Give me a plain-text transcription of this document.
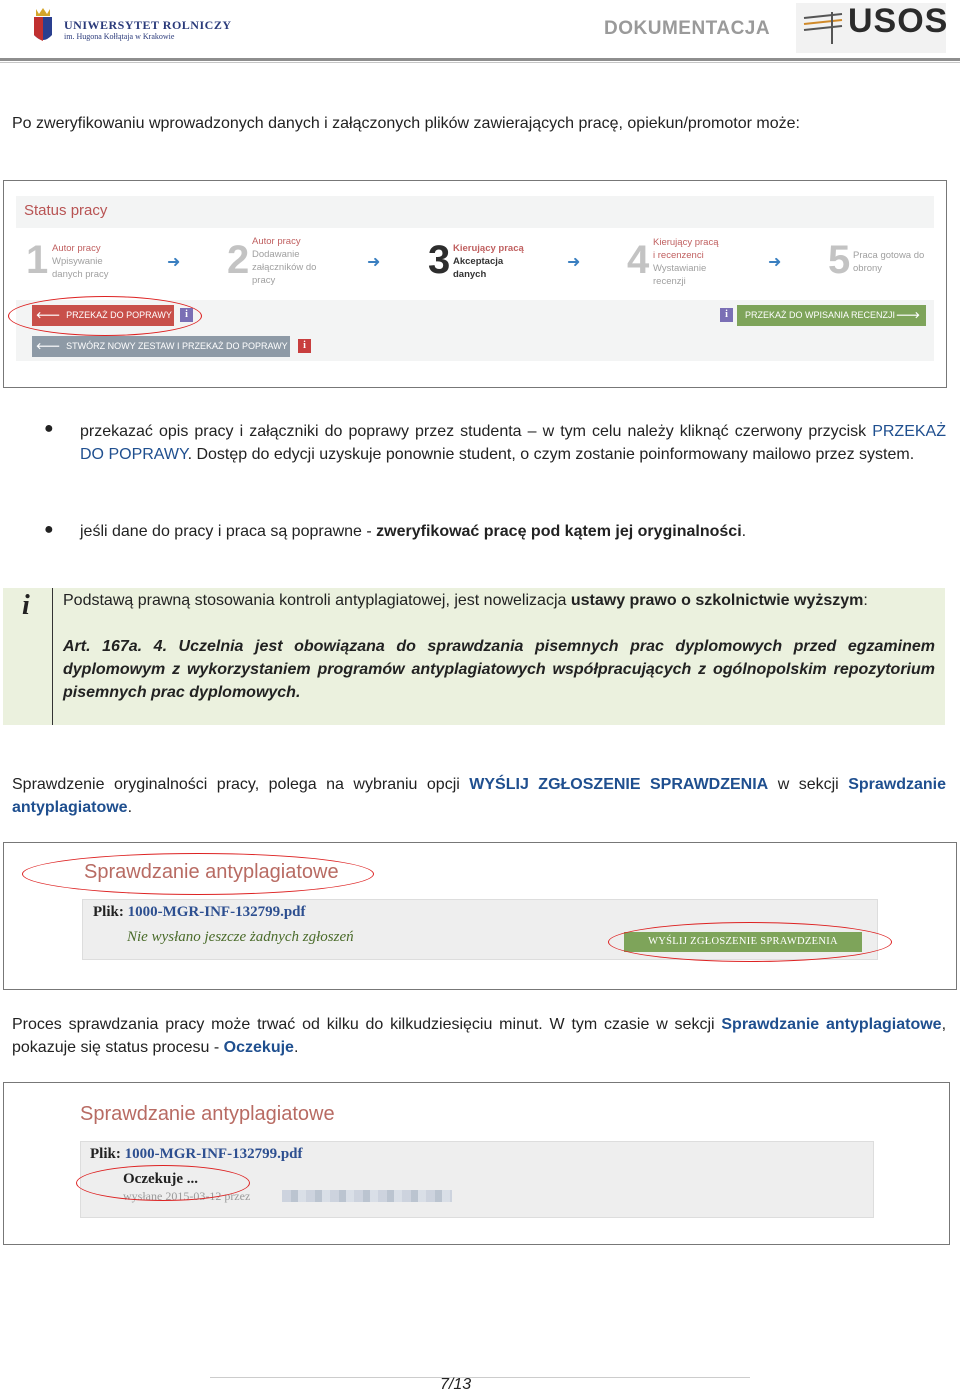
UNIWERSYTET ROLNICZY
im. Hugona Kołłątaja w Krakowie	DOKUMENTACJA USOS
Po zweryfikowaniu wprowadzonych danych i załączonych plików zawierających pracę, opiekun/promotor może:
Status pracy
1 Autor pracy
Wpisywanie danych pracy
➜ 2 Autor pracy
Dodawanie załączników do pracy
➜ 3 Kierujący pracą
Akceptacja danych
➜ 4 Kierujący pracą i recenzenci
Wystawianie recenzji
➜ 5 Praca gotowa do obrony
🡐 PRZEKAŻ DO POPRAWY	i
🡐 STWÓRZ NOWY ZESTAW I PRZEKAŻ DO POPRAWY	i
i	PRZEKAŻ DO WPISANIA RECENZJI 🡒
● przekazać opis pracy i załączniki do poprawy przez studenta – w tym celu należy kliknąć czerwony przycisk PRZEKAŻ DO POPRAWY. Dostęp do edycji uzyskuje ponownie student, o czym zostanie poinformowany mailowo przez system.
● jeśli dane do pracy i praca są poprawne - zweryfikować pracę pod kątem jej oryginalności.
i Podstawą prawną stosowania kontroli antyplagiatowej, jest nowelizacja ustawy prawo o szkolnictwie wyższym:
Art. 167a. 4. Uczelnia jest obowiązana do sprawdzania pisemnych prac dyplomowych przed egzaminem dyplomowym z wykorzystaniem programów antyplagiatowych współpracujących z ogólnopolskim repozytorium pisemnych prac dyplomowych.
Sprawdzenie oryginalności pracy, polega na wybraniu opcji WYŚLIJ ZGŁOSZENIE SPRAWDZENIA w sekcji Sprawdzanie antyplagiatowe.
Sprawdzanie antyplagiatowe
Plik: 1000-MGR-INF-132799.pdf
Nie wysłano jeszcze żadnych zgłoszeń	WYŚLIJ ZGŁOSZENIE SPRAWDZENIA
Proces sprawdzania pracy może trwać od kilku do kilkudziesięciu minut. W tym czasie w sekcji Sprawdzanie antyplagiatowe, pokazuje się status procesu - Oczekuje.
Sprawdzanie antyplagiatowe
Plik: 1000-MGR-INF-132799.pdf
Oczekuje ...
wysłane 2015-03-12 przez
7/13
